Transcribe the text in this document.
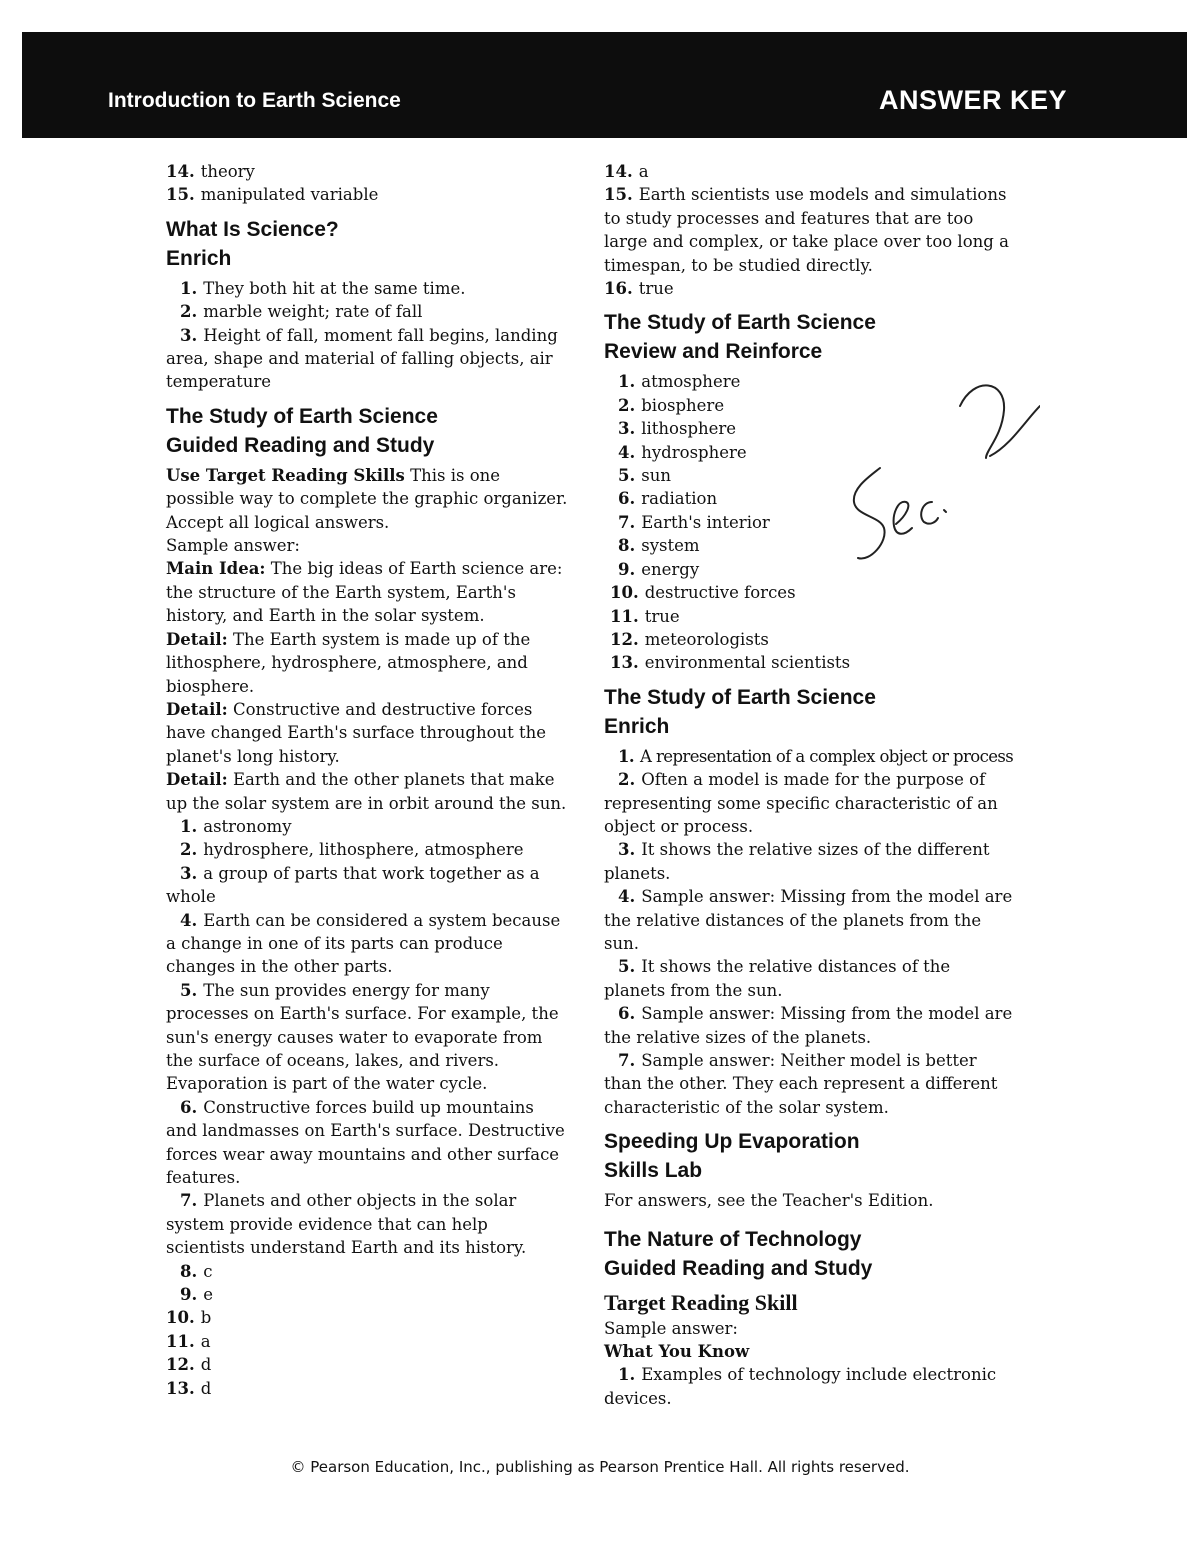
Introduction to Earth Science	ANSWER KEY
14. theory
15. manipulated variable
What Is Science?
Enrich
1. They both hit at the same time.
2. marble weight; rate of fall
3. Height of fall, moment fall begins, landing area, shape and material of falling objects, air temperature
The Study of Earth Science
Guided Reading and Study
Use Target Reading Skills This is one possible way to complete the graphic organizer. Accept all logical answers.
Sample answer:
Main Idea: The big ideas of Earth science are: the structure of the Earth system, Earth's history, and Earth in the solar system.
Detail: The Earth system is made up of the lithosphere, hydrosphere, atmosphere, and biosphere.
Detail: Constructive and destructive forces have changed Earth's surface throughout the planet's long history.
Detail: Earth and the other planets that make up the solar system are in orbit around the sun.
1. astronomy
2. hydrosphere, lithosphere, atmosphere
3. a group of parts that work together as a whole
4. Earth can be considered a system because a change in one of its parts can produce changes in the other parts.
5. The sun provides energy for many processes on Earth's surface. For example, the sun's energy causes water to evaporate from the surface of oceans, lakes, and rivers. Evaporation is part of the water cycle.
6. Constructive forces build up mountains and landmasses on Earth's surface. Destructive forces wear away mountains and other surface features.
7. Planets and other objects in the solar system provide evidence that can help scientists understand Earth and its history.
8. c
9. e
10. b
11. a
12. d
13. d
14. a
15. Earth scientists use models and simulations to study processes and features that are too large and complex, or take place over too long a timespan, to be studied directly.
16. true
The Study of Earth Science
Review and Reinforce
1. atmosphere
2. biosphere
3. lithosphere
4. hydrosphere
5. sun
6. radiation
7. Earth's interior
8. system
9. energy
10. destructive forces
11. true
12. meteorologists
13. environmental scientists
The Study of Earth Science
Enrich
1. A representation of a complex object or process
2. Often a model is made for the purpose of representing some specific characteristic of an object or process.
3. It shows the relative sizes of the different planets.
4. Sample answer: Missing from the model are the relative distances of the planets from the sun.
5. It shows the relative distances of the planets from the sun.
6. Sample answer: Missing from the model are the relative sizes of the planets.
7. Sample answer: Neither model is better than the other. They each represent a different characteristic of the solar system.
Speeding Up Evaporation
Skills Lab
For answers, see the Teacher's Edition.
The Nature of Technology
Guided Reading and Study
Target Reading Skill
Sample answer:
What You Know
1. Examples of technology include electronic devices.
© Pearson Education, Inc., publishing as Pearson Prentice Hall. All rights reserved.
